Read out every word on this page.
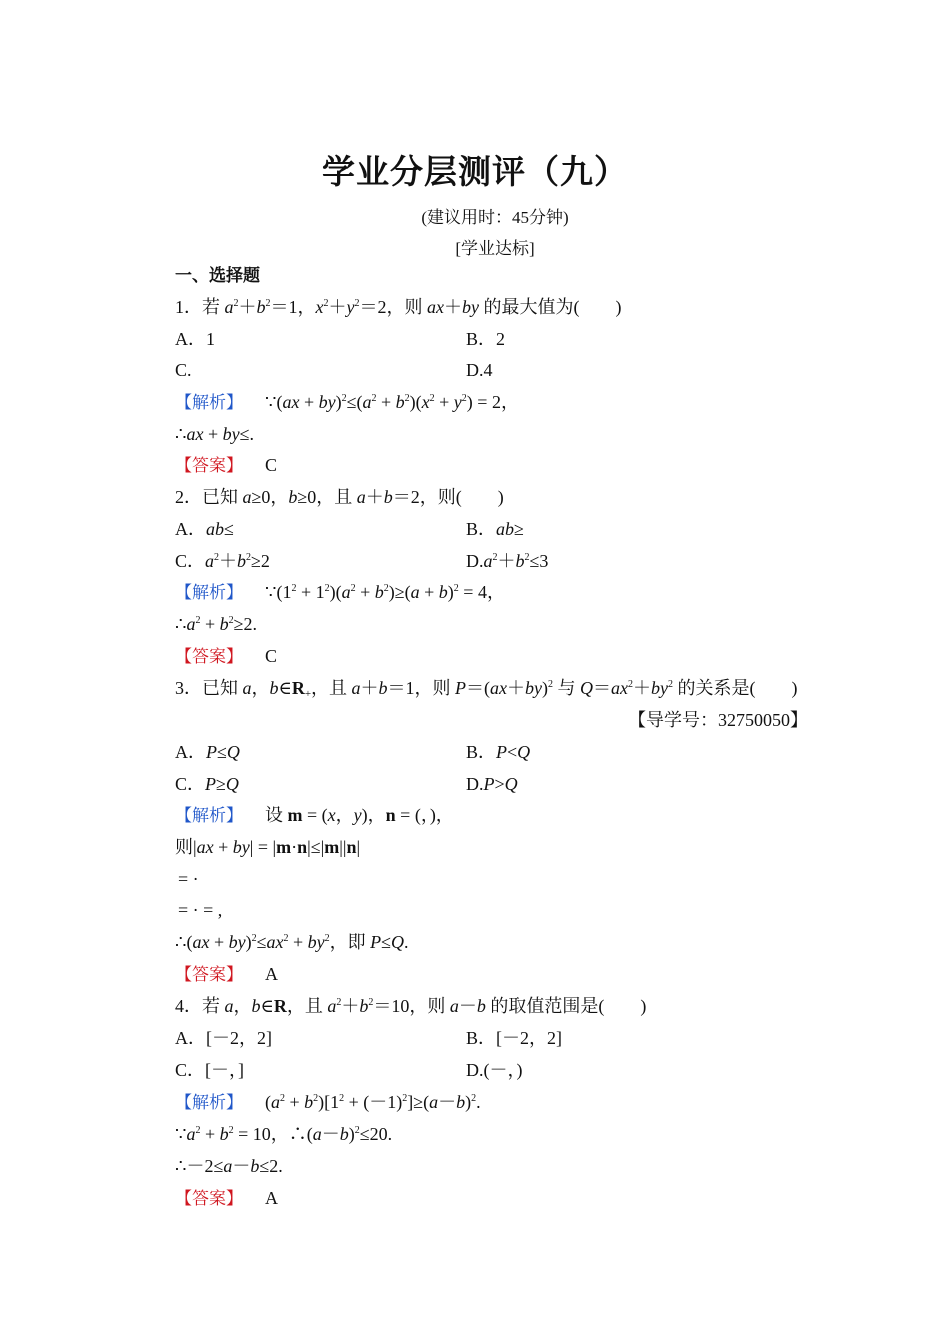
学业分层测评（九）
(建议用时：45分钟)
[学业达标]
一、选择题
1．若 $a^2+b^2=1$，$x^2+y^2=2$，则 ax＋by 的最大值为(　　)
A．1	B．2
C.	D.4
【解析】 ∵(ax + $by)^2\le(a^2 + b^2)(x^2 + y^2) = 2$，
∴ax + by≤.
【答案】 C
2．已知 a≥0，b≥0，且 a＋b＝2，则(　　)
A．ab≤	B．ab≥
C．$a^2+b^2\ge 2$	$D.a^2+b^2\le 3$
【解析】 $\because(1^2 + 1^2)(a^2 + b^2)\ge(a + b)^2 = 4$，
$\therefore a^2 + b^2\ge 2$.
【答案】 C
3．已知 a，$b\in R_+$，且 a＋b＝1，则 $P=(ax+by)^2$ 与 $Q=ax^2+by^2$ 的关系是(　　)
【导学号：32750050】
A．P≤Q	B．P<Q
C．P≥Q	D.P>Q
【解析】 设 m = (x，y)，n = (，)，
则|ax + by| = |m·n|≤|m||n|
= ·
= · = ,
∴(ax + $by)^2\le ax^2 + by^2$，即 P≤Q.
【答案】 A
4．若 a，b∈R，且 $a^2+b^2=10$，则 a－b 的取值范围是(　　)
A．[－2，2]	B．[－2，2]
C．[－，]	D.(－，)
【解析】 $(a^2 + b^2)[1^2 + (-1)^2]\ge(a-b)^2$.
$\because a^2 + b^2 = 10$，$\therefore(a-b)^2\le 20$.
∴－2≤a－b≤2.
【答案】 A
